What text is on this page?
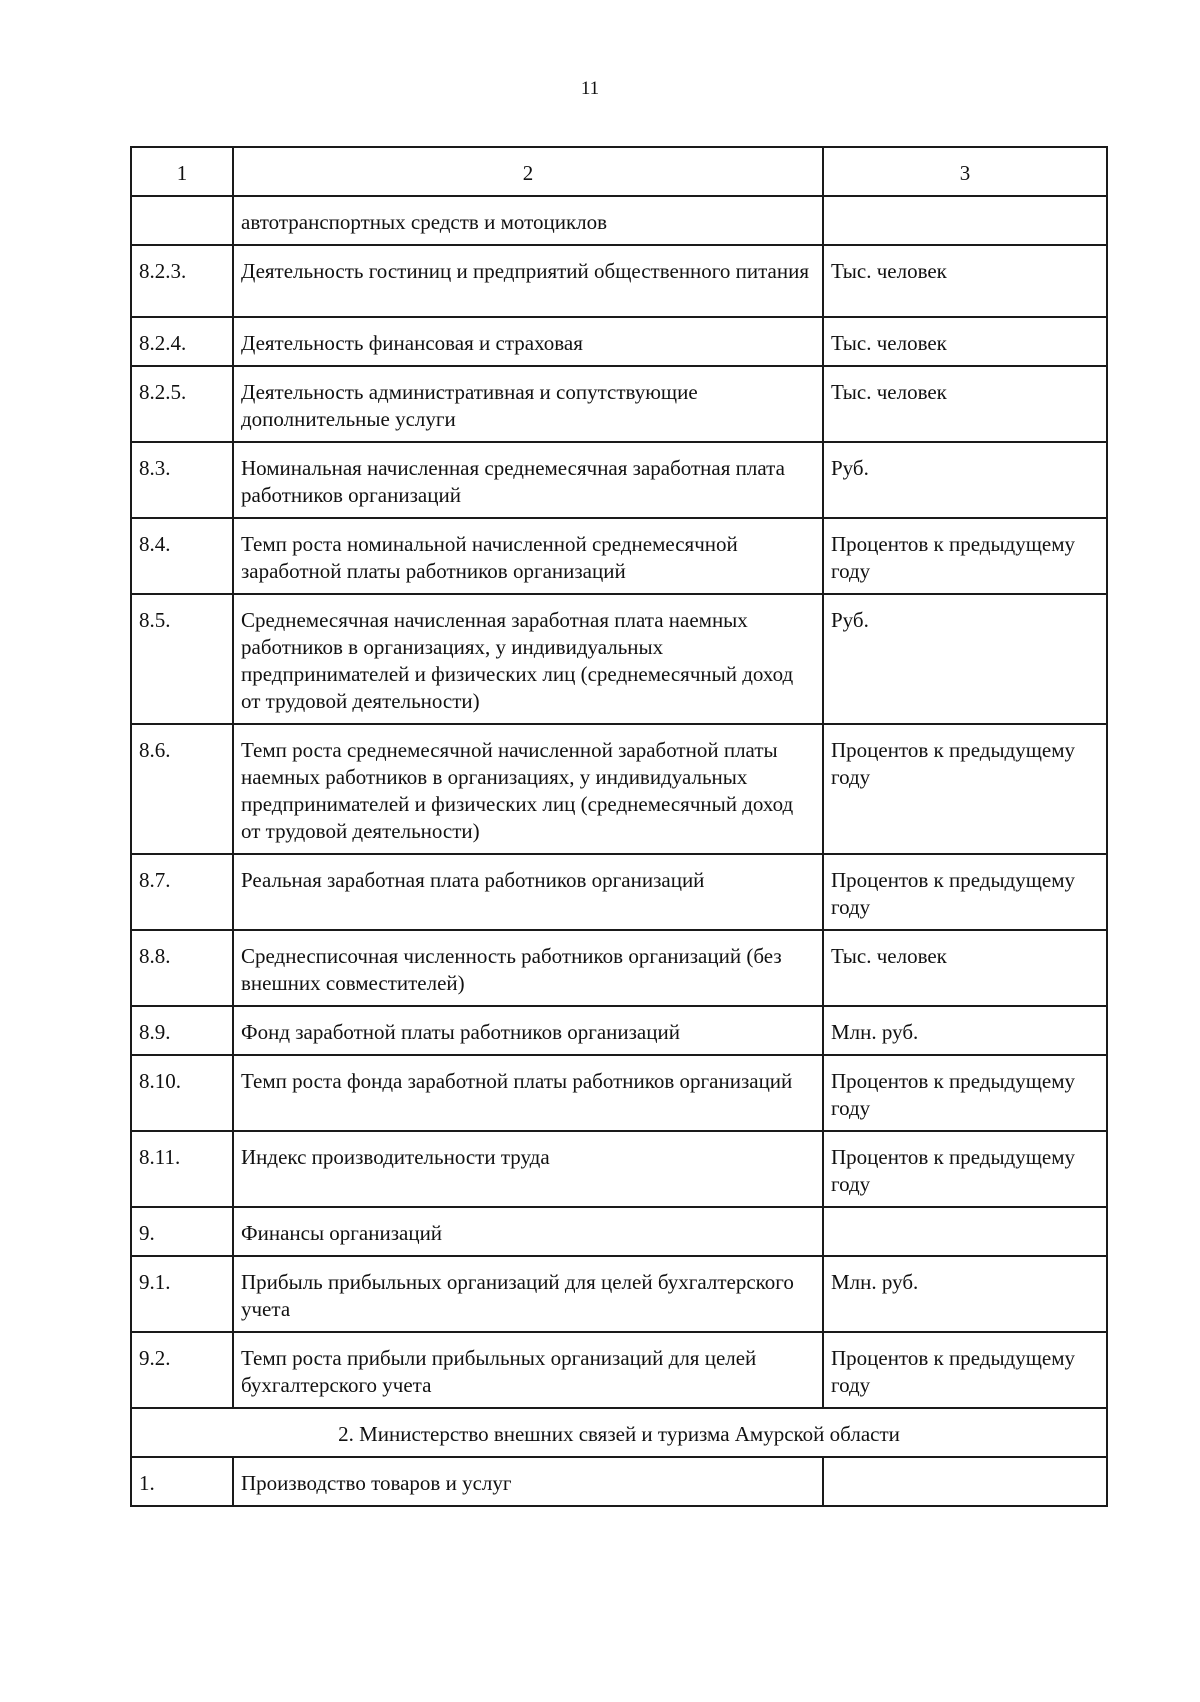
11
1	2	3
	автотранспортных средств и мотоциклов	
8.2.3.	Деятельность гостиниц и предприятий общественного питания	Тыс. человек
8.2.4.	Деятельность финансовая и страховая	Тыс. человек
8.2.5.	Деятельность административная и сопутствующие дополнительные услуги	Тыс. человек
8.3.	Номинальная начисленная среднемесячная заработная плата работников организаций	Руб.
8.4.	Темп роста номинальной начисленной среднемесячной заработной платы работников организаций	Процентов к предыдущему году
8.5.	Среднемесячная начисленная заработная плата наемных работников в организациях, у индивидуальных предпринимателей и физических лиц (среднемесячный доход от трудовой деятельности)	Руб.
8.6.	Темп роста среднемесячной начисленной заработной платы наемных работников в организациях, у индивидуальных предпринимателей и физических лиц (среднемесячный доход от трудовой деятельности)	Процентов к предыдущему году
8.7.	Реальная заработная плата работников организаций	Процентов к предыдущему году
8.8.	Среднесписочная численность работников организаций (без внешних совместителей)	Тыс. человек
8.9.	Фонд заработной платы работников организаций	Млн. руб.
8.10.	Темп роста фонда заработной платы работников организаций	Процентов к предыдущему году
8.11.	Индекс производительности труда	Процентов к предыдущему году
9.	Финансы организаций	
9.1.	Прибыль прибыльных организаций для целей бухгалтерского учета	Млн. руб.
9.2.	Темп роста прибыли прибыльных организаций для целей бухгалтерского учета	Процентов к предыдущему году
2. Министерство внешних связей и туризма Амурской области		
1.	Производство товаров и услуг	
